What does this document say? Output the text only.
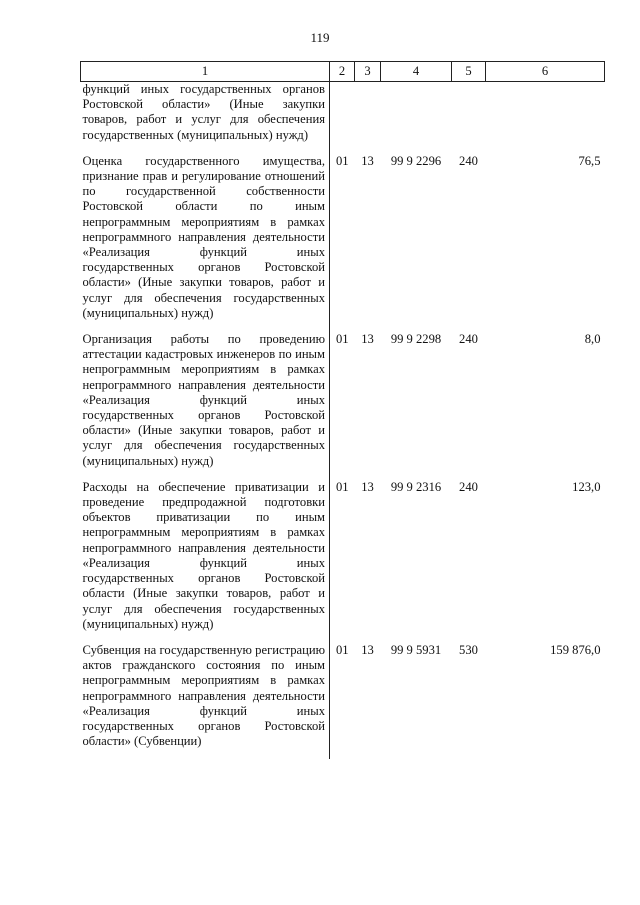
119
1	2	3	4	5	6
функций иных государственных органов Ростовской области» (Иные закупки товаров, работ и услуг для обеспечения государственных (муниципальных) нужд)					
Оценка государственного имущества, признание прав и регулирование отношений по государственной собственности Ростовской области по иным непрограммным мероприятиям в рамках непрограммного направления деятельности «Реализация функций иных государственных органов Ростовской области» (Иные закупки товаров, работ и услуг для обеспечения государственных (муниципальных) нужд)	01	13	99 9 2296	240	76,5
Организация работы по проведению аттестации кадастровых инженеров по иным непрограммным мероприятиям в рамках непрограммного направления деятельности «Реализация функций иных государственных органов Ростовской области» (Иные закупки товаров, работ и услуг для обеспечения государственных (муниципальных) нужд)	01	13	99 9 2298	240	8,0
Расходы на обеспечение приватизации и проведение предпродажной подготовки объектов приватизации по иным непрограммным мероприятиям в рамках непрограммного направления деятельности «Реализация функций иных государственных органов Ростовской области (Иные закупки товаров, работ и услуг для обеспечения государственных (муниципальных) нужд)	01	13	99 9 2316	240	123,0
Субвенция на государственную регистрацию актов гражданского состояния по иным непрограммным мероприятиям в рамках непрограммного направления деятельности «Реализация функций иных государственных органов Ростовской области» (Субвенции)	01	13	99 9 5931	530	159 876,0
